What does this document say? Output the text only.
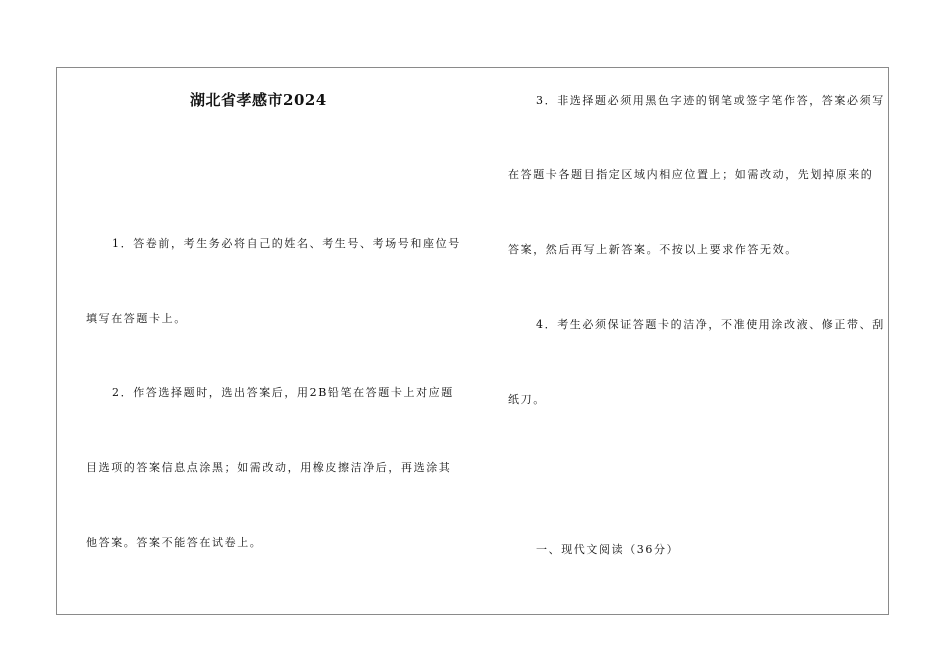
湖北省孝感市2024
1．答卷前，考生务必将自己的姓名、考生号、考场号和座位号
填写在答题卡上。
2．作答选择题时，选出答案后，用2B铅笔在答题卡上对应题
目选项的答案信息点涂黑；如需改动，用橡皮擦洁净后，再选涂其
他答案。答案不能答在试卷上。
3．非选择题必须用黑色字迹的钢笔或签字笔作答，答案必须写
在答题卡各题目指定区域内相应位置上；如需改动，先划掉原来的
答案，然后再写上新答案。不按以上要求作答无效。
4．考生必须保证答题卡的洁净，不准使用涂改液、修正带、刮
纸刀。
一、现代文阅读（36分）
